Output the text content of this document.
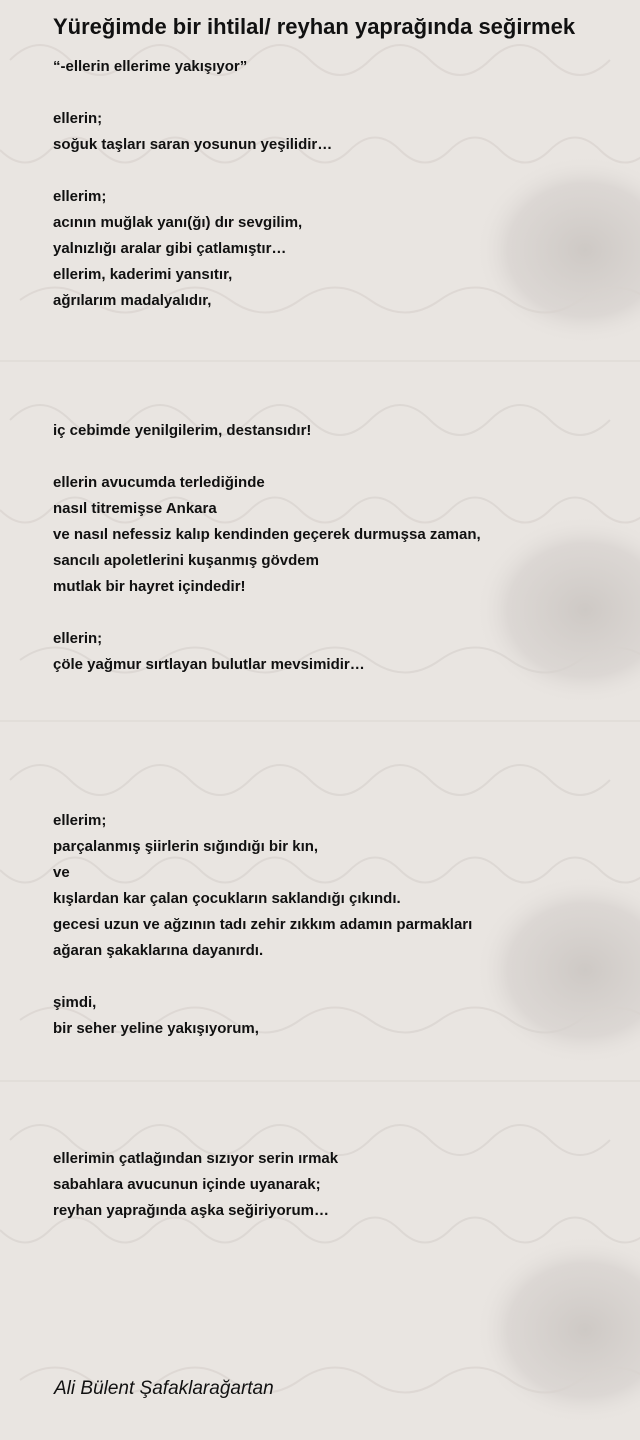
Yüreğimde bir ihtilal/ reyhan yaprağında seğirmek
“-ellerin ellerime yakışıyor”
ellerin;
soğuk taşları saran yosunun yeşilidir…
ellerim;
acının muğlak yanı(ğı) dır sevgilim,
yalnızlığı aralar gibi çatlamıştır…
ellerim, kaderimi yansıtır,
ağrılarım madalyalıdır,
iç cebimde yenilgilerim, destansıdır!
ellerin avucumda terlediğinde
nasıl titremişse Ankara
ve nasıl nefessiz kalıp kendinden geçerek durmuşsa zaman,
sancılı apoletlerini kuşanmış gövdem
mutlak bir hayret içindedir!
ellerin;
çöle yağmur sırtlayan bulutlar mevsimidir…
ellerim;
parçalanmış şiirlerin sığındığı bir kın,
ve
kışlardan kar çalan çocukların saklandığı çıkındı.
gecesi uzun ve ağzının tadı zehir zıkkım adamın parmakları
ağaran şakaklarına dayanırdı.
şimdi,
bir seher yeline yakışıyorum,
ellerimin çatlağından sızıyor serin ırmak
sabahlara avucunun içinde uyanarak;
reyhan yaprağında aşka seğiriyorum…
Ali Bülent Şafaklarağartan
